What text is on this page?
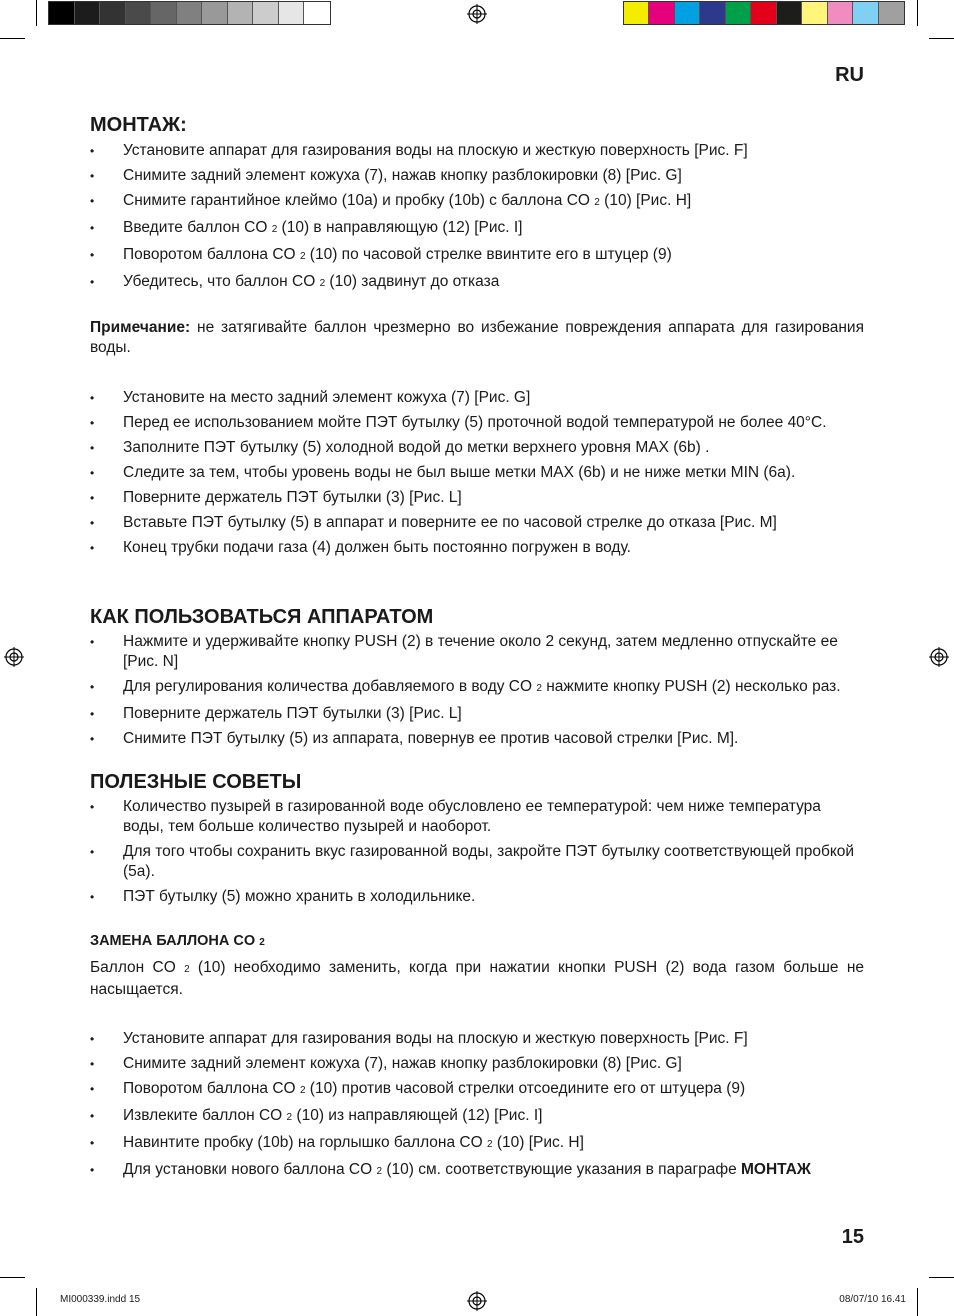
RU
МОНТАЖ:
• Установите аппарат для газирования воды на плоскую и жесткую поверхность [Рис. F]
• Снимите задний элемент кожуха (7), нажав кнопку разблокировки (8) [Рис. G]
• Снимите гарантийное клеймо (10a) и пробку (10b) с баллона CO 2 (10) [Рис. H]
• Введите баллон CO 2 (10) в направляющую (12) [Рис. I]
• Поворотом баллона CO 2 (10) по часовой стрелке ввинтите его в штуцер (9)
• Убедитесь, что баллон CO 2 (10) задвинут до отказа

Примечание: не затягивайте баллон чрезмерно во избежание повреждения аппарата для газирования воды.

• Установите на место задний элемент кожуха (7) [Рис. G]
• Перед ее использованием мойте ПЭТ бутылку (5) проточной водой температурой не более 40°C.
• Заполните ПЭТ бутылку (5) холодной водой до метки верхнего уровня MAX (6b) .
• Следите за тем, чтобы уровень воды не был выше метки MAX (6b) и не ниже метки MIN (6a).
• Поверните держатель ПЭТ бутылки (3) [Рис. L]
• Вставьте ПЭТ бутылку (5) в аппарат и поверните ее по часовой стрелке до отказа [Рис. M]
• Конец трубки подачи газа (4) должен быть постоянно погружен в воду.
КАК ПОЛЬЗОВАТЬСЯ АППАРАТОМ
• Нажмите и удерживайте кнопку PUSH (2) в течение около 2 секунд, затем медленно отпускайте ее [Рис. N]
• Для регулирования количества добавляемого в воду CO 2 нажмите кнопку PUSH (2) несколько раз.
• Поверните держатель ПЭТ бутылки (3) [Рис. L]
• Снимите ПЭТ бутылку (5) из аппарата, повернув ее против часовой стрелки [Рис. M].
ПОЛЕЗНЫЕ СОВЕТЫ
• Количество пузырей в газированной воде обусловлено ее температурой: чем ниже температура воды, тем больше количество пузырей и наоборот.
• Для того чтобы сохранить вкус газированной воды, закройте ПЭТ бутылку соответствующей пробкой (5a).
• ПЭТ бутылку (5) можно хранить в холодильнике.
ЗАМЕНА БАЛЛОНА CO 2

Баллон CO 2 (10) необходимо заменить, когда при нажатии кнопки PUSH (2) вода газом больше не насыщается.

• Установите аппарат для газирования воды на плоскую и жесткую поверхность [Рис. F]
• Снимите задний элемент кожуха (7), нажав кнопку разблокировки (8) [Рис. G]
• Поворотом баллона CO 2 (10) против часовой стрелки отсоедините его от штуцера (9)
• Извлеките баллон CO 2 (10) из направляющей (12) [Рис. I]
• Навинтите пробку (10b) на горлышко баллона CO 2 (10) [Рис. H]
• Для установки нового баллона CO 2 (10) см. соответствующие указания в параграфе МОНТАЖ
15
MI000339.indd 15	08/07/10 16.41
